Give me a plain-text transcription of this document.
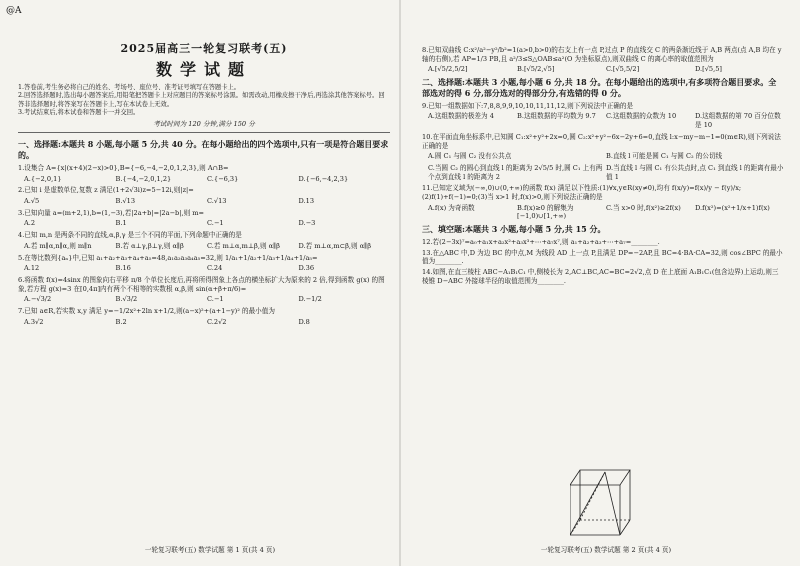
@A
2025届高三一轮复习联考(五)
数学试题
1.答卷前,考生务必将自己的姓名、考场号、座位号、准考证号填写在答题卡上。
2.回答选择题时,选出每小题答案后,用铅笔把答题卡上对应题目的答案标号涂黑。如需改动,用橡皮擦干净后,再选涂其他答案标号。回答非选择题时,将答案写在答题卡上,写在本试卷上无效。
3.考试结束后,将本试卷和答题卡一并交回。
考试时间为 120 分钟,满分 150 分
一、选择题:本题共 8 小题,每小题 5 分,共 40 分。在每小题给出的四个选项中,只有一项是符合题目要求的。
1.设集合 A={x|(x+4)(2−x)>0},B={−6,−4,−2,0,1,2,3},则 A∩B=
A.{−2,0,1}	B.{−4,−2,0,1,2}	C.{−6,3}	D.{−6,−4,2,3}
2.已知 i 是虚数单位,复数 z 满足(1+2√3i)z=5−12i,则|z|=
A.√5	B.√13	C.√13	D.13
3.已知向量 a=(m+2,1),b=(1,−3),若|2a+b|=|2a−b|,则 m=
A.2	B.1	C.−1	D.−3
4.已知 m,n 是两条不同的直线,α,β,γ 是三个不同的平面,下列命题中正确的是
A.若 m∥α,n∥α,则 m∥n	B.若 α⊥γ,β⊥γ,则 α∥β	C.若 m⊥α,m⊥β,则 α∥β	D.若 m⊥α,m⊂β,则 α∥β
5.在等比数列{aₙ}中,已知 a₁+a₂+a₃+a₄+a₅=48,a₁a₂a₃a₄a₅=32,则 1/a₁+1/a₂+1/a₃+1/a₄+1/a₅=
A.12	B.16	C.24	D.36
6.将函数 f(x)=4sinx 的图象向右平移 π/8 个单位长度后,再将所得图象上各点的横坐标扩大为原来的 2 倍,得到函数 g(x) 的图象,若方程 g(x)=3 在[0,4π]内有两个不相等的实数根 α,β,则 sin(α+β+π/6)=
A.−√3/2	B.√3/2	C.−1	D.−1/2
7.已知 a∈R,若实数 x,y 满足 y=−1/2x²+2ln x+1/2,则(a−x)²+(a+1−y)² 的最小值为
A.3√2	B.2	C.2√2	D.8
8.已知双曲线 C:x²/a²−y²/b²=1(a>0,b>0)的右支上有一点 P,过点 P 的直线交 C 的两条渐近线于 A,B 两点(点 A,B 均在 y 轴的右侧),若 AP=1/3 PB,且 a²/3≤S△OAB≤a²(O 为坐标原点),则双曲线 C 的离心率的取值范围为
A.[√5/2,5/2]	B.[√5/2,√5]	C.[√5,5/2]	D.[√5,5]
二、选择题:本题共 3 小题,每小题 6 分,共 18 分。在每小题给出的选项中,有多项符合题目要求。全部选对的得 6 分,部分选对的得部分分,有选错的得 0 分。
9.已知一组数据如下:7,8,8,9,9,10,10,11,11,12,则下列说法中正确的是
A.这组数据的极差为 4	B.这组数据的平均数为 9.7	C.这组数据的众数为 10	D.这组数据的第 70 百分位数是 10
10.在平面直角坐标系中,已知圆 C₁:x²+y²+2x=0,圆 C₂:x²+y²−6x−2y+6=0,直线 l:x−my−m−1=0(m∈R),则下列说法正确的是
A.圆 C₁ 与圆 C₂ 没有公共点	B.直线 l 可能是圆 C₁ 与圆 C₂ 的公切线
C.当圆 C₂ 的圆心到直线 l 的距离为 2√5/5 时,圆 C₁ 上有两个点到直线 l 的距离为 2
D.当直线 l 与圆 C₁ 有公共点时,点 C₁ 到直线 l 的距离有最小值 1
11.已知定义域为(−∞,0)∪(0,+∞)的函数 f(x) 满足以下性质:(1)∀x,y∈R(xy≠0),均有 f(x/y)=f(x)/y − f(y)/x;(2)f(1)+f(−1)=0;(3)当 x>1 时,f(x)>0,则下列说法正确的是
A.f(x) 为奇函数	B.f(x)≥0 的解集为[−1,0)∪[1,+∞)
C.当 x>0 时,f(x²)≥2f(x)	D.f(x²)=(x²+1/x+1)f(x)
三、填空题:本题共 3 小题,每小题 5 分,共 15 分。
12.若(2−3x)⁷=a₀+a₁x+a₂x²+a₃x³+⋯+a₇x⁷,则 a₁+a₂+a₃+⋯+a₇=________.
13.在△ABC 中,D 为边 BC 的中点,M 为线段 AD 上一点 P,且满足 DP=−2AP,且 BC=4·BA·CA=32,则 cos∠BPC 的最小值为________.
14.如图,在直三棱柱 ABC−A₁B₁C₁ 中,侧棱长为 2,AC⊥BC,AC=BC=2√2,点 D 在上底面 A₁B₁C₁(包含边界)上运动,则三棱锥 D−ABC 外接球半径的取值范围为________.
一轮复习联考(五) 数学试题 第 1 页(共 4 页)	一轮复习联考(五) 数学试题 第 2 页(共 4 页)
